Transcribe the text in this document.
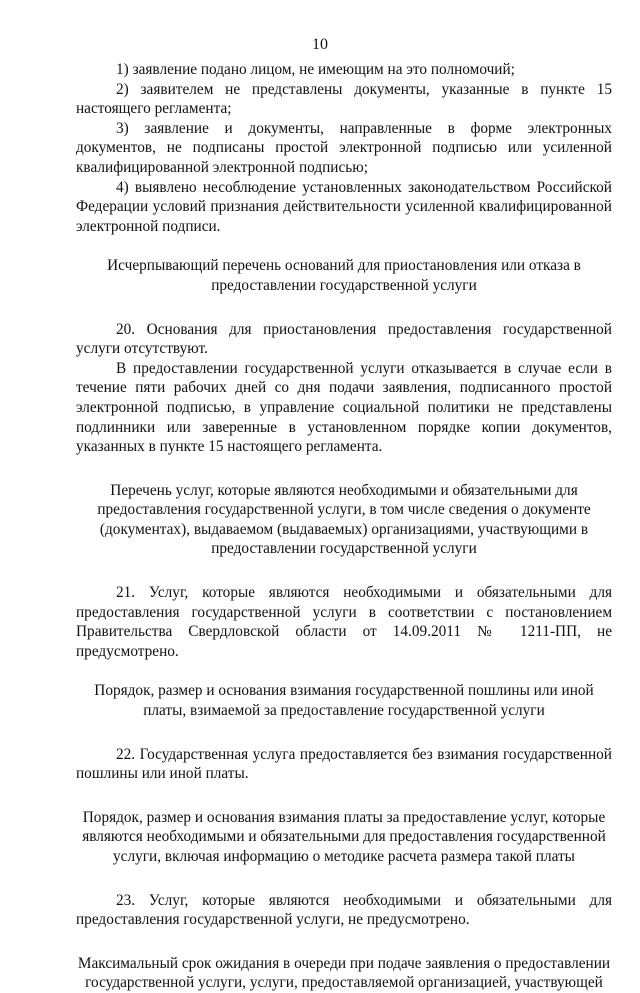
10

1) заявление подано лицом, не имеющим на это полномочий;

2) заявителем не представлены документы, указанные в пункте 15 настоящего регламента;

3) заявление и документы, направленные в форме электронных документов, не подписаны простой электронной подписью или усиленной квалифицированной электронной подписью;

4) выявлено несоблюдение установленных законодательством Российской Федерации условий признания действительности усиленной квалифицированной электронной подписи.

Исчерпывающий перечень оснований для приостановления или отказа в предоставлении государственной услуги

20. Основания для приостановления предоставления государственной услуги отсутствуют.

В предоставлении государственной услуги отказывается в случае если в течение пяти рабочих дней со дня подачи заявления, подписанного простой электронной подписью, в управление социальной политики не представлены подлинники или заверенные в установленном порядке копии документов, указанных в пункте 15 настоящего регламента.

Перечень услуг, которые являются необходимыми и обязательными для предоставления государственной услуги, в том числе сведения о документе (документах), выдаваемом (выдаваемых) организациями, участвующими в предоставлении государственной услуги

21. Услуг, которые являются необходимыми и обязательными для предоставления государственной услуги в соответствии с постановлением Правительства Свердловской области от 14.09.2011 № 1211-ПП, не предусмотрено.

Порядок, размер и основания взимания государственной пошлины или иной платы, взимаемой за предоставление государственной услуги

22. Государственная услуга предоставляется без взимания государственной пошлины или иной платы.

Порядок, размер и основания взимания платы за предоставление услуг, которые являются необходимыми и обязательными для предоставления государственной услуги, включая информацию о методике расчета размера такой платы

23. Услуг, которые являются необходимыми и обязательными для предоставления государственной услуги, не предусмотрено.

Максимальный срок ожидания в очереди при подаче заявления о предоставлении государственной услуги, услуги, предоставляемой организацией, участвующей
